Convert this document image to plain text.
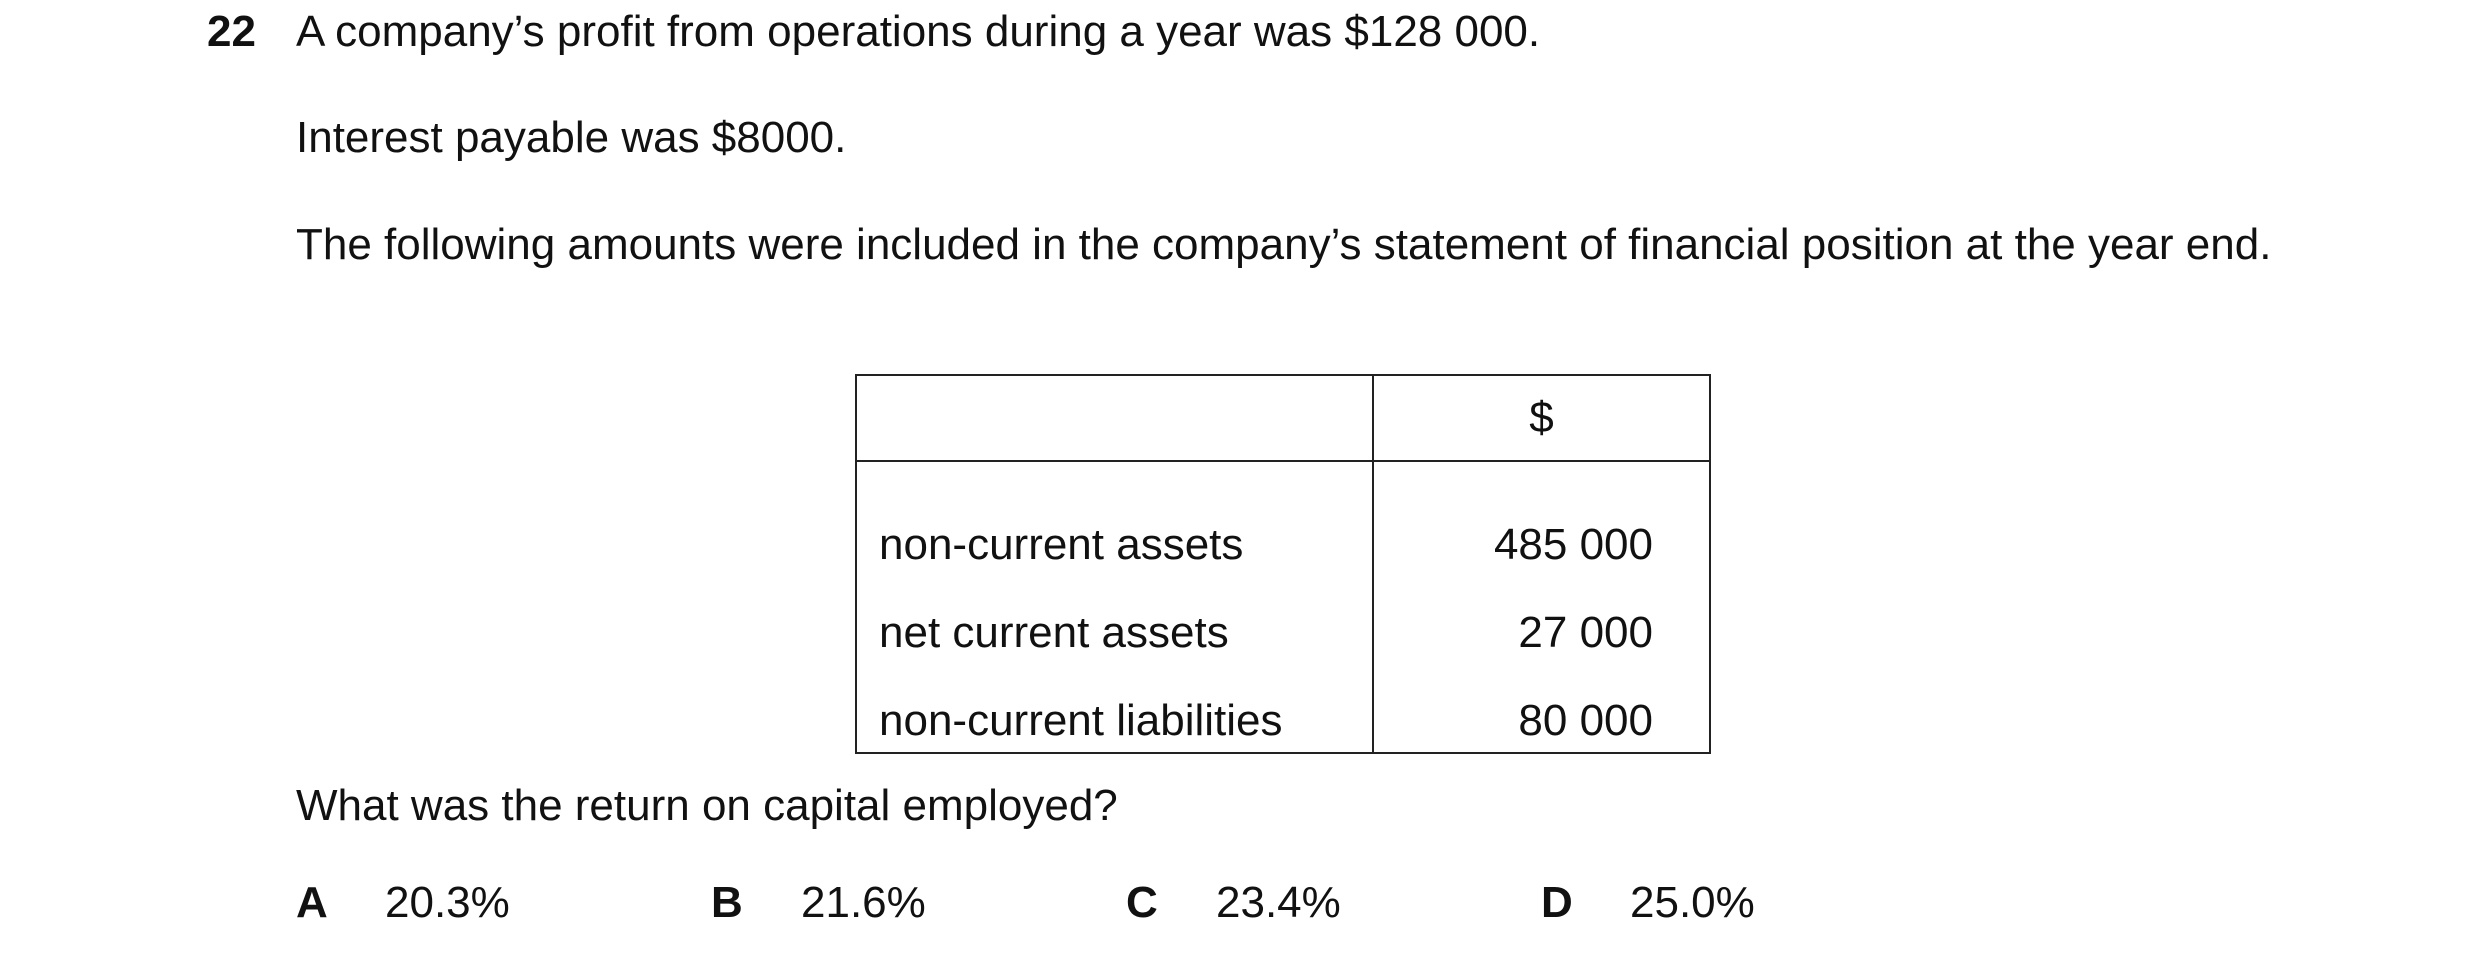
22 A company’s profit from operations during a year was $128 000.

Interest payable was $8000.

The following amounts were included in the company’s statement of financial position at the year end.

	$
non-current assets	485 000
net current assets	27 000
non-current liabilities	80 000

What was the return on capital employed?

A 20.3%	B 21.6%	C 23.4%	D 25.0%
